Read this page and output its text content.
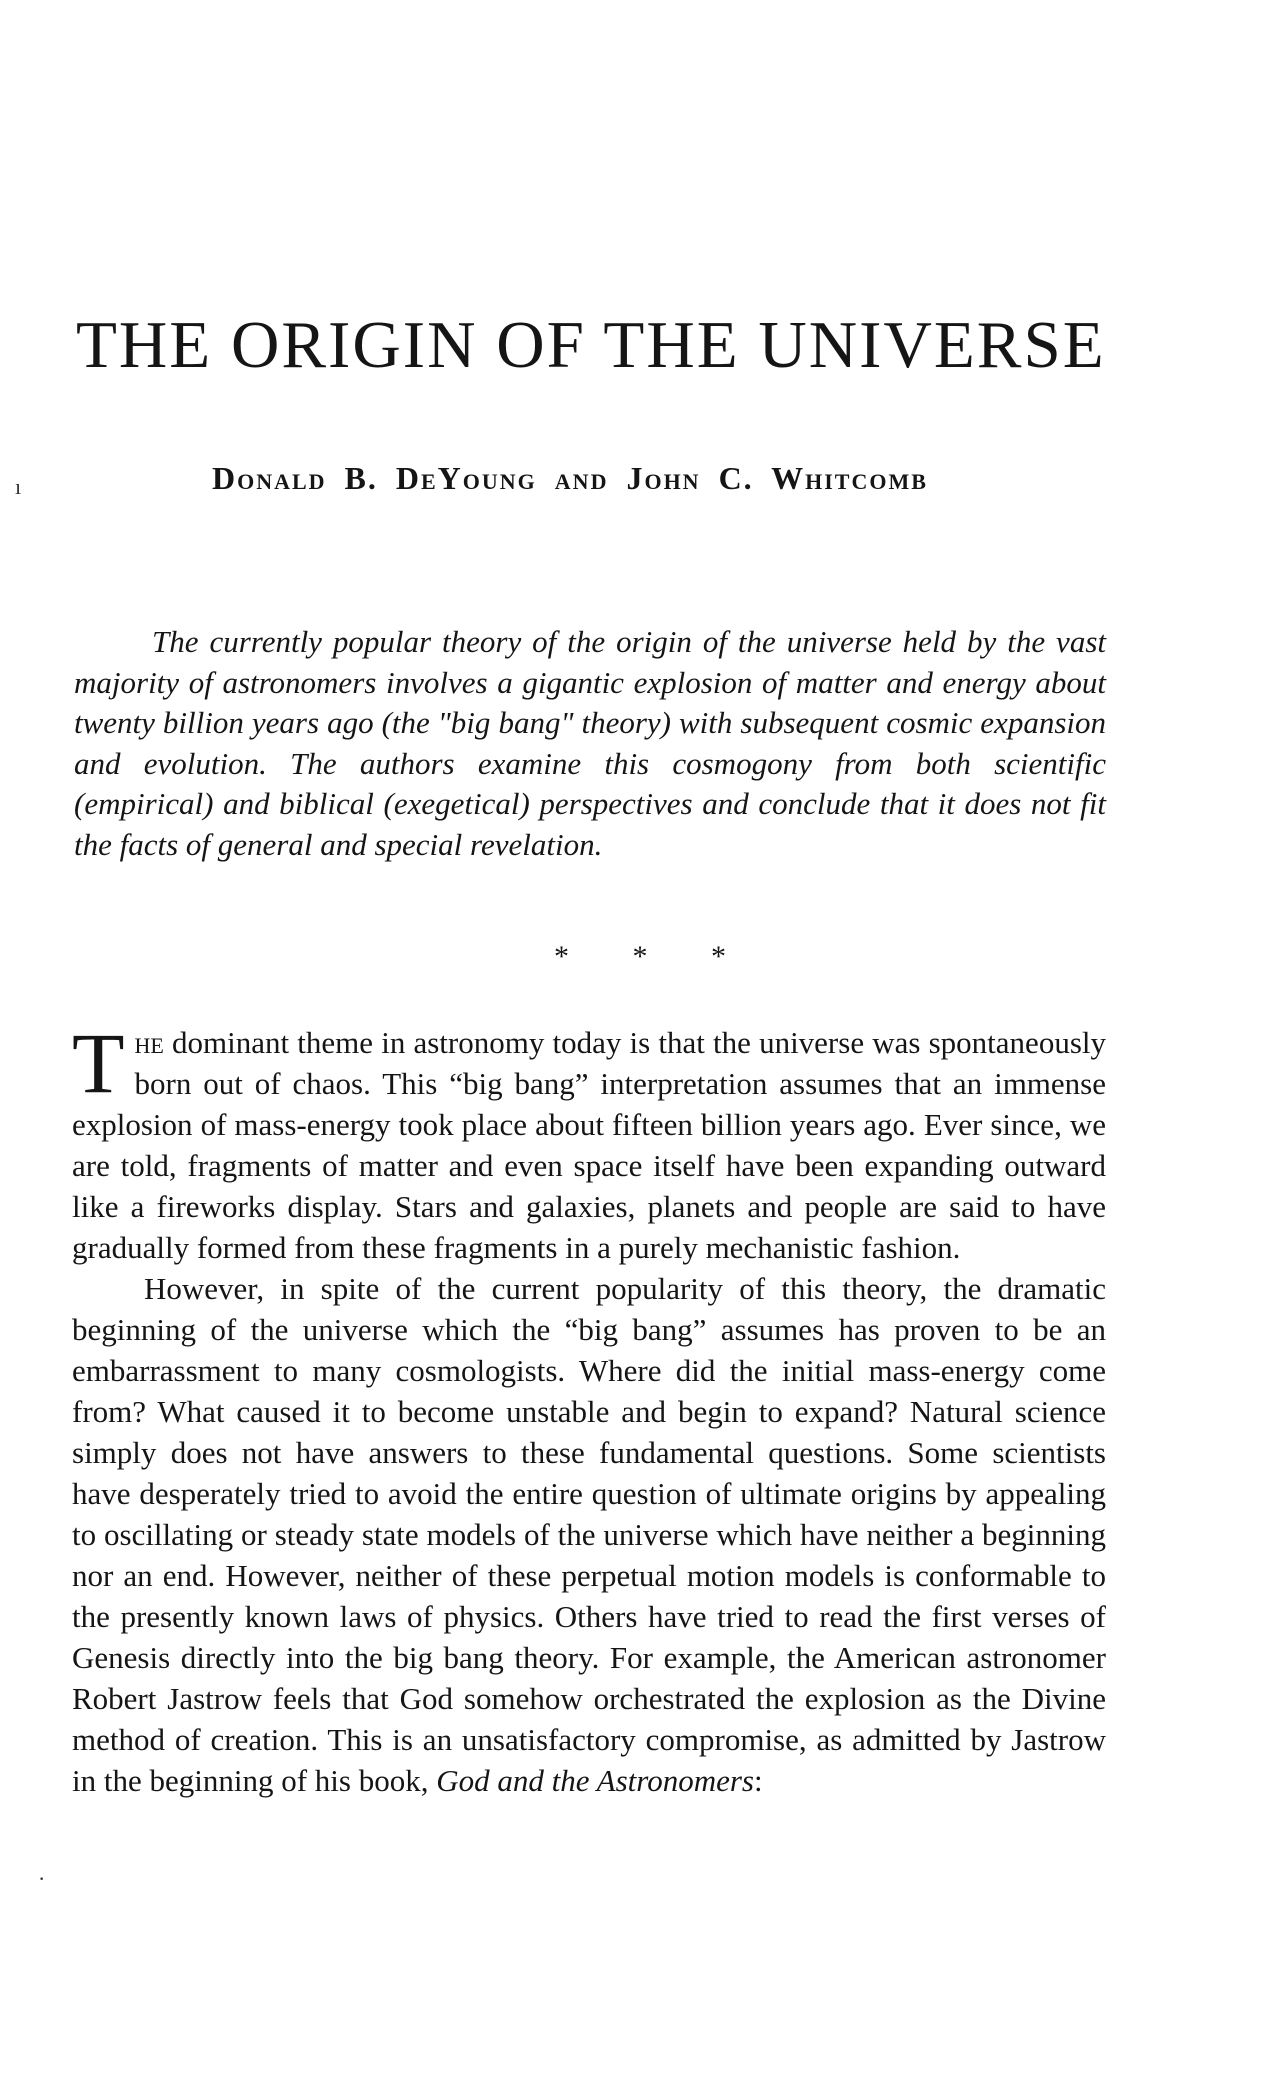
THE ORIGIN OF THE UNIVERSE
ı	Donald B. DeYoung and John C. Whitcomb

The currently popular theory of the origin of the universe held by the vast majority of astronomers involves a gigantic explosion of matter and energy about twenty billion years ago (the "big bang" theory) with subsequent cosmic expansion and evolution. The authors examine this cosmogony from both scientific (empirical) and biblical (exegetical) perspectives and conclude that it does not fit the facts of general and special revelation.

* * *

The dominant theme in astronomy today is that the universe was spontaneously born out of chaos. This “big bang” interpretation assumes that an immense explosion of mass-energy took place about fifteen billion years ago. Ever since, we are told, fragments of matter and even space itself have been expanding outward like a fireworks display. Stars and galaxies, planets and people are said to have gradually formed from these fragments in a purely mechanistic fashion.

However, in spite of the current popularity of this theory, the dramatic beginning of the universe which the “big bang” assumes has proven to be an embarrassment to many cosmologists. Where did the initial mass-energy come from? What caused it to become unstable and begin to expand? Natural science simply does not have answers to these fundamental questions. Some scientists have desperately tried to avoid the entire question of ultimate origins by appealing to oscillating or steady state models of the universe which have neither a beginning nor an end. However, neither of these perpetual motion models is conformable to the presently known laws of physics. Others have tried to read the first verses of Genesis directly into the big bang theory. For example, the American astronomer Robert Jastrow feels that God somehow orchestrated the explosion as the Divine method of creation. This is an unsatisfactory compromise, as admitted by Jastrow in the beginning of his book, God and the Astronomers:

·
